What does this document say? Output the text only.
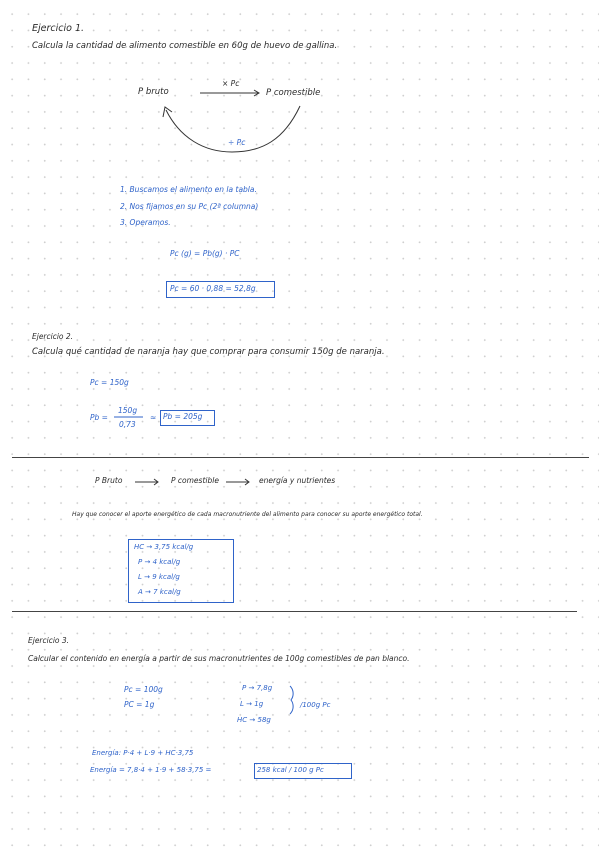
Ejercicio 1.
Calcula la cantidad de alimento comestible en 60g de huevo de gallina.
P bruto
× Pc
P comestible
÷ Pc
1. Buscamos el alimento en la tabla.
2. Nos fijamos en su Pc (2ª columna)
3. Operamos.
Pc (g) = Pb(g) · PC
Pc = 60 · 0,88 = 52,8g
Ejercicio 2.
Calcula qué cantidad de naranja hay que comprar para consumir 150g de naranja.
Pc = 150g
Pb =
150g
0,73
≈ Pb = 205g
P Bruto	P comestible	energía y nutrientes
Hay que conocer el aporte energético de cada macronutriente del alimento para conocer su aporte energético total.
HC → 3,75 kcal/g
P → 4 kcal/g
L → 9 kcal/g
A → 7 kcal/g
Ejercicio 3.
Calcular el contenido en energía a partir de sus macronutrientes de 100g comestibles de pan blanco.
Pc = 100g
PC = 1g
P → 7,8g
L → 1g
HC → 58g
/100g Pc
Energía: P·4 + L·9 + HC·3,75
Energía = 7,8·4 + 1·9 + 58·3,75 =	258 kcal / 100 g Pc
